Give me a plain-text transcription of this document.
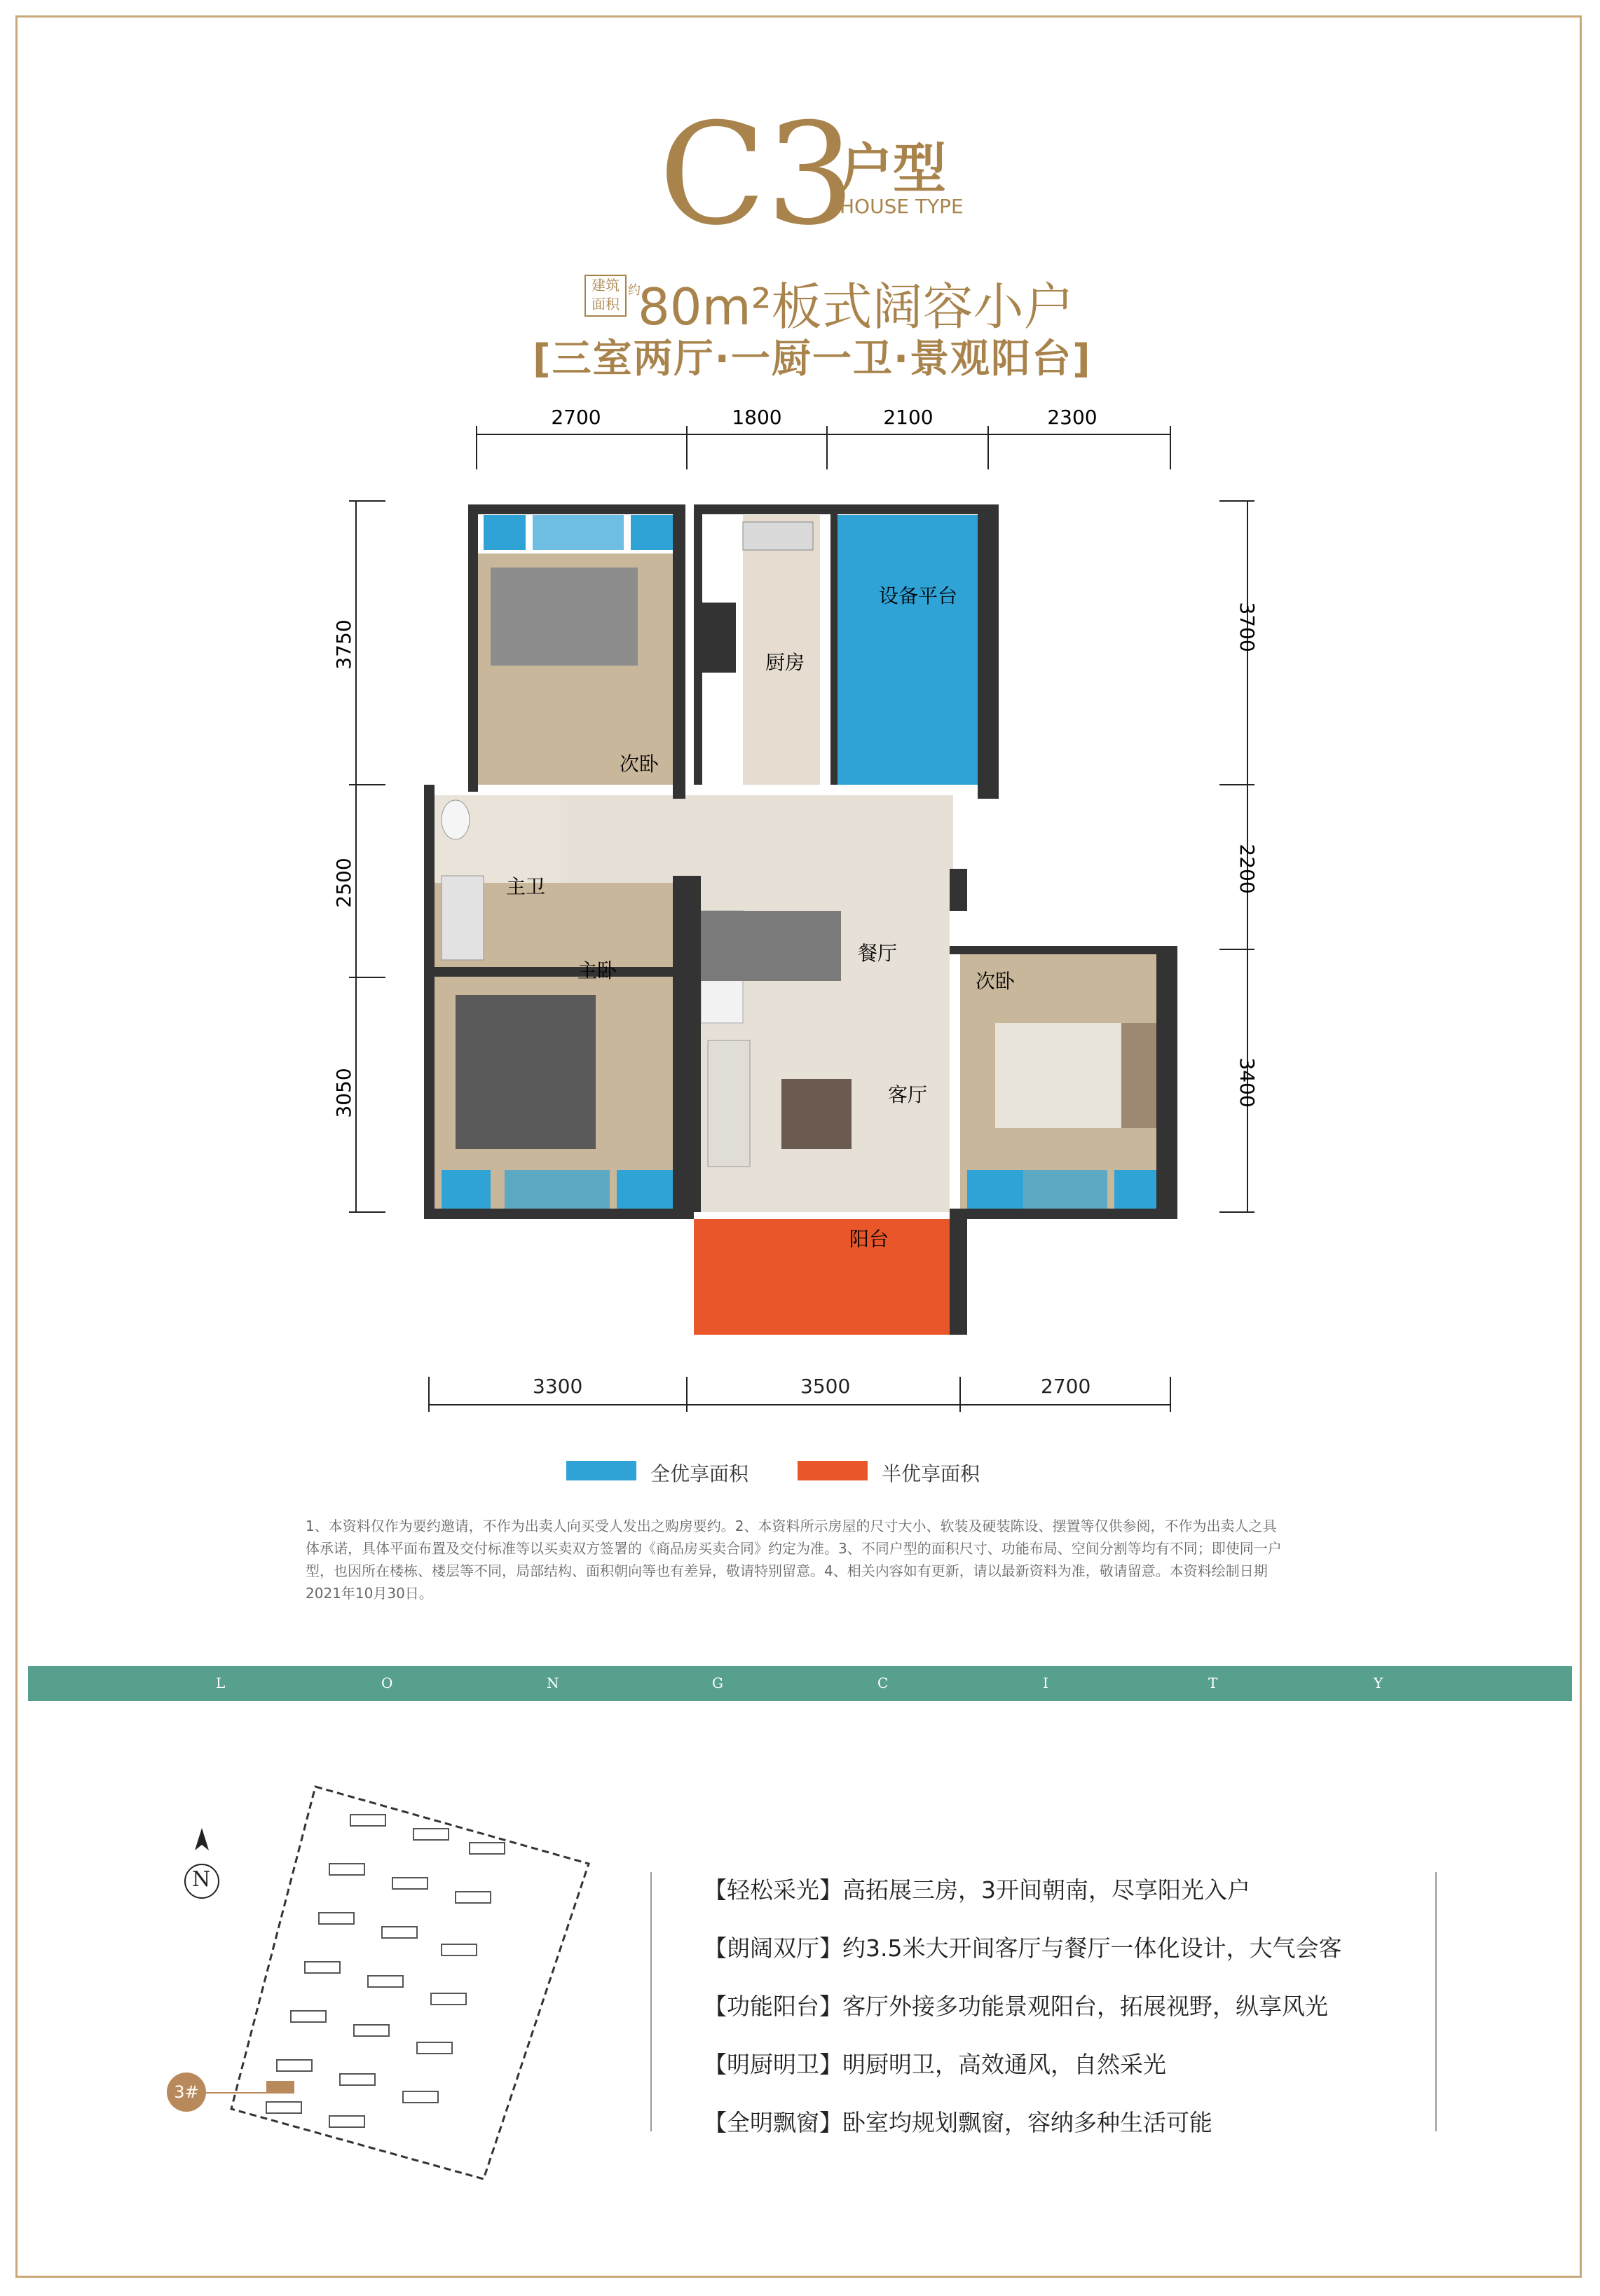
C3
户型
HOUSE TYPE
建筑
面积
约
80m²板式阔容小户
[三室两厅·一厨一卫·景观阳台]
2700	1800	2100	2300
3750
2500
3050
3700
2200
3400
次卧
厨房
设备平台
主卫
主卧
餐厅
次卧
客厅
阳台
3300	3500	2700
全优享面积	半优享面积
1、本资料仅作为要约邀请，不作为出卖人向买受人发出之购房要约。2、本资料所示房屋的尺寸大小、软装及硬装陈设、摆置等仅供参阅，不作为出卖人之具体承诺，具体平面布置及交付标准等以买卖双方签署的《商品房买卖合同》约定为准。3、不同户型的面积尺寸、功能布局、空间分割等均有不同；即使同一户型，也因所在楼栋、楼层等不同，局部结构、面积朝向等也有差异，敬请特别留意。4、相关内容如有更新，请以最新资料为准，敬请留意。本资料绘制日期2021年10月30日。
L	O	N	G	C	I	T	Y
N
3#
【轻松采光】高拓展三房，3开间朝南，尽享阳光入户
【朗阔双厅】约3.5米大开间客厅与餐厅一体化设计，大气会客
【功能阳台】客厅外接多功能景观阳台，拓展视野，纵享风光
【明厨明卫】明厨明卫，高效通风，自然采光
【全明飘窗】卧室均规划飘窗，容纳多种生活可能
